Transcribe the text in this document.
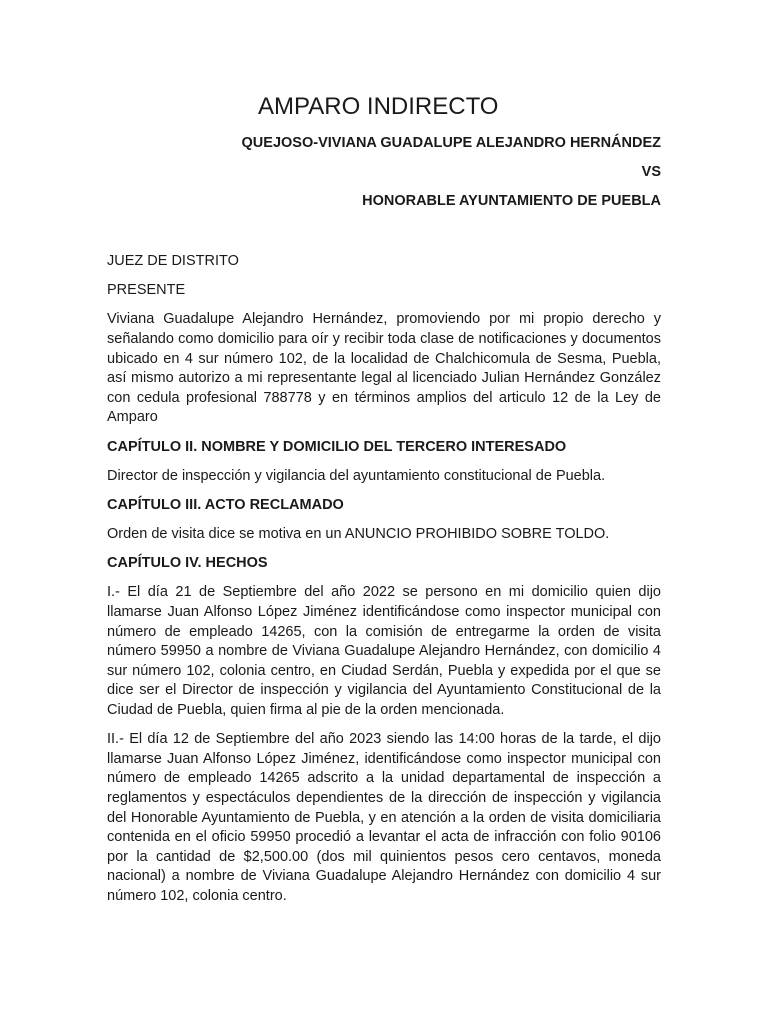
AMPARO INDIRECTO
QUEJOSO-VIVIANA GUADALUPE ALEJANDRO HERNÁNDEZ
VS
HONORABLE AYUNTAMIENTO DE PUEBLA

JUEZ DE DISTRITO

PRESENTE

Viviana Guadalupe Alejandro Hernández, promoviendo por mi propio derecho y señalando como domicilio para oír y recibir toda clase de notificaciones y documentos ubicado en 4 sur número 102, de la localidad de Chalchicomula de Sesma, Puebla, así mismo autorizo a mi representante legal al licenciado Julian Hernández González con cedula profesional 788778 y en términos amplios del articulo 12 de la Ley de Amparo

CAPÍTULO II. NOMBRE Y DOMICILIO DEL TERCERO INTERESADO

Director de inspección y vigilancia del ayuntamiento constitucional de Puebla.

CAPÍTULO III. ACTO RECLAMADO

Orden de visita dice se motiva en un ANUNCIO PROHIBIDO SOBRE TOLDO.

CAPÍTULO IV. HECHOS

I.- El día 21 de Septiembre del año 2022 se persono en mi domicilio quien dijo llamarse Juan Alfonso López Jiménez identificándose como inspector municipal con número de empleado 14265, con la comisión de entregarme la orden de visita número 59950 a nombre de Viviana Guadalupe Alejandro Hernández, con domicilio 4 sur número 102, colonia centro, en Ciudad Serdán, Puebla y expedida por el que se dice ser el Director de inspección y vigilancia del Ayuntamiento Constitucional de la Ciudad de Puebla, quien firma al pie de la orden mencionada.

II.- El día 12 de Septiembre del año 2023 siendo las 14:00 horas de la tarde, el dijo llamarse Juan Alfonso López Jiménez, identificándose como inspector municipal con número de empleado 14265 adscrito a la unidad departamental de inspección a reglamentos y espectáculos dependientes de la dirección de inspección y vigilancia del Honorable Ayuntamiento de Puebla, y en atención a la orden de visita domiciliaria contenida en el oficio 59950 procedió a levantar el acta de infracción con folio 90106 por la cantidad de $2,500.00 (dos mil quinientos pesos cero centavos, moneda nacional) a nombre de Viviana Guadalupe Alejandro Hernández con domicilio 4 sur número 102, colonia centro.
